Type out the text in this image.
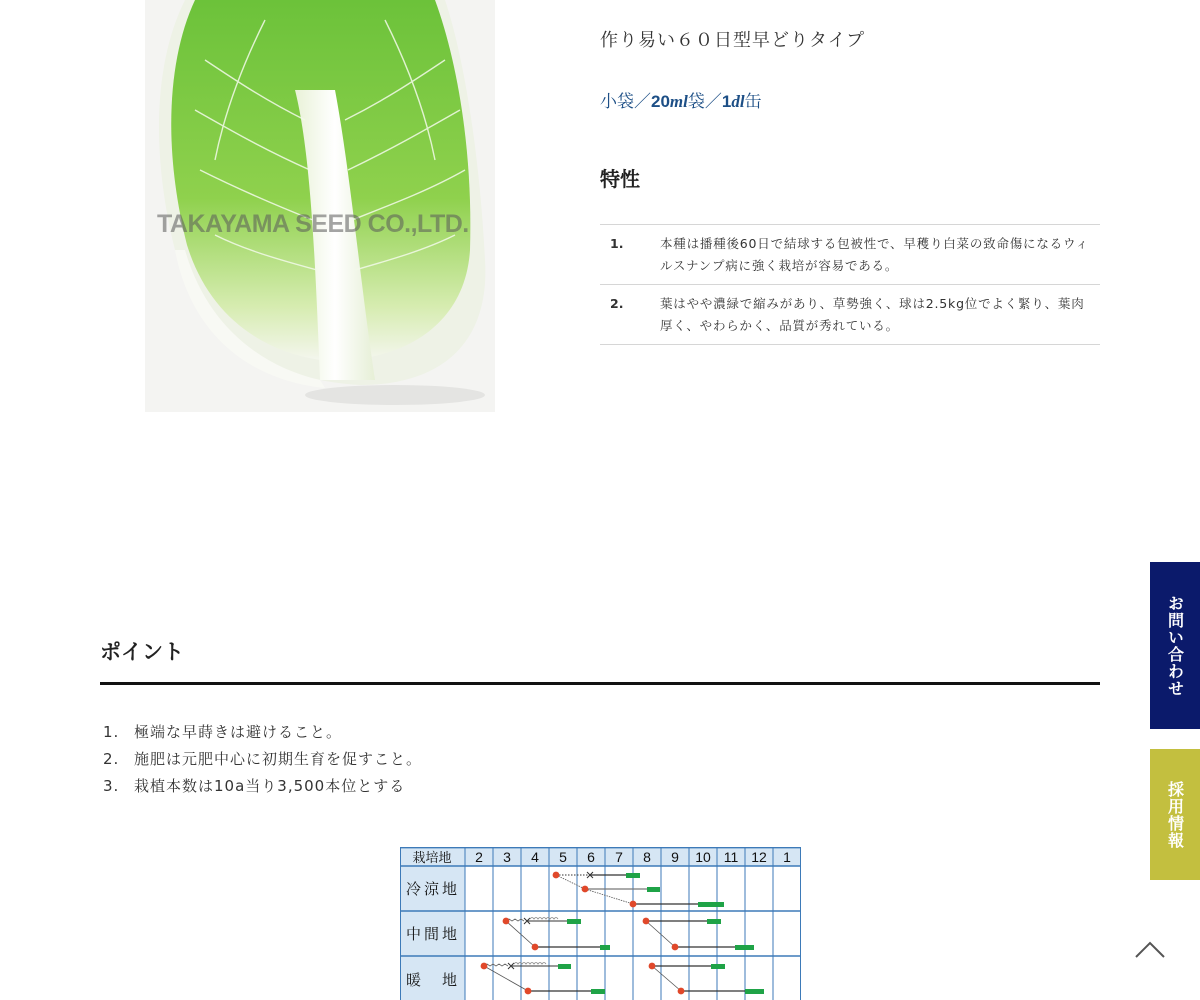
TAKAYAMA SEED CO.,LTD.
作り易い６０日型早どりタイプ
小袋／20ml袋／1dl缶
特性
1.	本種は播種後60日で結球する包被性で、早穫り白菜の致命傷になるウィルスナンプ病に強く栽培が容易である。
2.	葉はやや濃緑で縮みがあり、草勢強く、球は2.5kg位でよく緊り、葉肉厚く、やわらかく、品質が秀れている。
ポイント
1. 極端な早蒔きは避けること。
2. 施肥は元肥中心に初期生育を促すこと。
3. 栽植本数は10a当り3,500本位とする
栽培地 2 3 4 5 6 7 8 9 10 11 12 1
冷涼地
中間地
暖　地
お問い合わせ
採用情報
